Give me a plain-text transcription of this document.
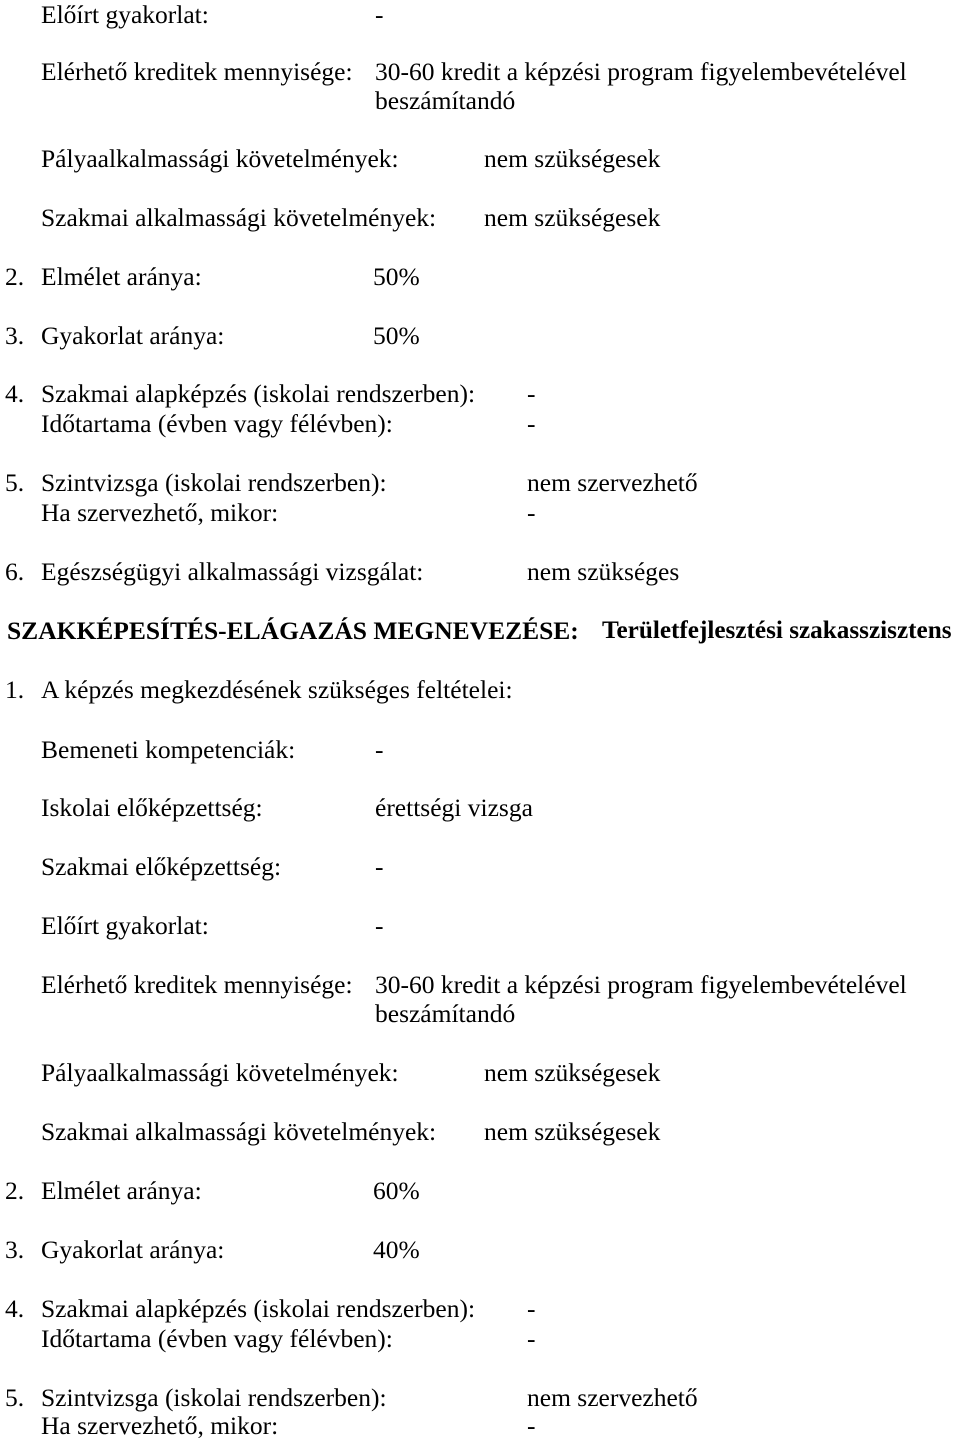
Előírt gyakorlat:	-
Elérhető kreditek mennyisége: 30-60 kredit a képzési program figyelembevételével
beszámítandó
Pályaalkalmassági követelmények:	nem szükségesek
Szakmai alkalmassági követelmények: nem szükségesek
2. Elmélet aránya:	50%
3. Gyakorlat aránya:	50%
4. Szakmai alapképzés (iskolai rendszerben): -
Időtartama (évben vagy félévben):	-
5. Szintvizsga (iskolai rendszerben):	nem szervezhető
Ha szervezhető, mikor:	-
6. Egészségügyi alkalmassági vizsgálat:	nem szükséges
SZAKKÉPESÍTÉS-ELÁGAZÁS MEGNEVEZÉSE: Területfejlesztési szakasszisztens
1. A képzés megkezdésének szükséges feltételei:
Bemeneti kompetenciák:	-
Iskolai előképzettség:	érettségi vizsga
Szakmai előképzettség:	-
Előírt gyakorlat:	-
Elérhető kreditek mennyisége: 30-60 kredit a képzési program figyelembevételével
beszámítandó
Pályaalkalmassági követelmények:	nem szükségesek
Szakmai alkalmassági követelmények: nem szükségesek
2. Elmélet aránya:	60%
3. Gyakorlat aránya:	40%
4. Szakmai alapképzés (iskolai rendszerben): -
Időtartama (évben vagy félévben):	-
5. Szintvizsga (iskolai rendszerben):	nem szervezhető
Ha szervezhető, mikor:	-
